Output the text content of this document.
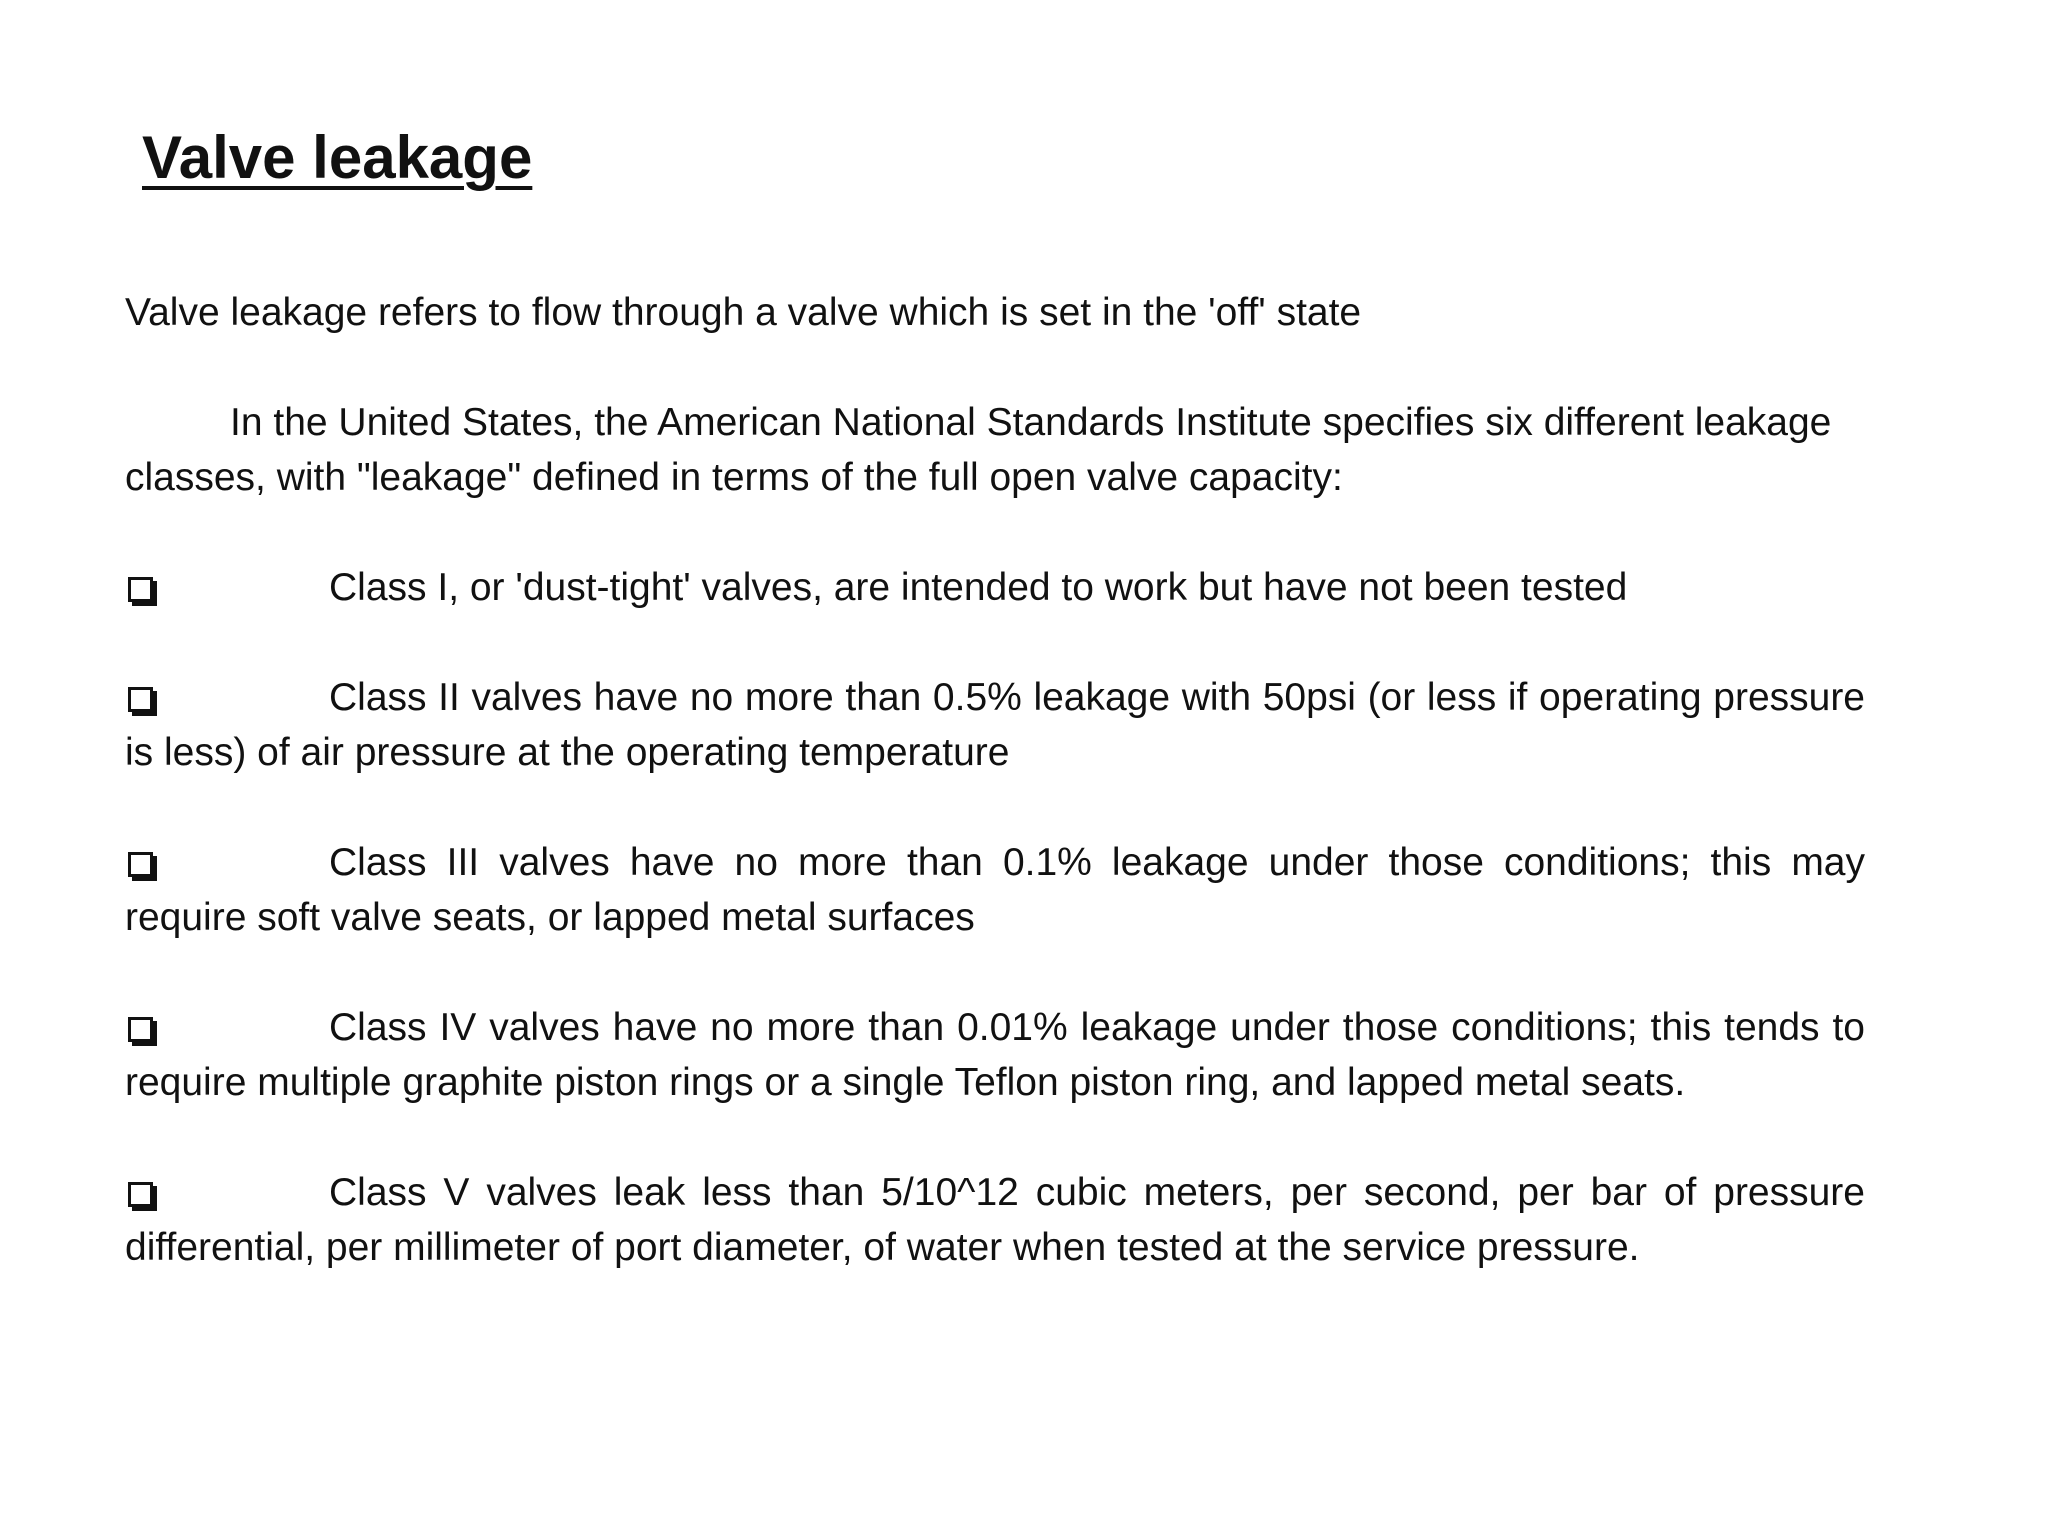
Valve leakage

Valve leakage refers to flow through a valve which is set in the 'off' state

In the United States, the American National Standards Institute specifies six different leakage classes, with "leakage" defined in terms of the full open valve capacity:

Class I, or 'dust-tight' valves, are intended to work but have not been tested

Class II valves have no more than 0.5% leakage with 50psi (or less if operating pressure is less) of air pressure at the operating temperature

Class III valves have no more than 0.1% leakage under those conditions; this may require soft valve seats, or lapped metal surfaces

Class IV valves have no more than 0.01% leakage under those conditions; this tends to require multiple graphite piston rings or a single Teflon piston ring, and lapped metal seats.

Class V valves leak less than 5/10^12 cubic meters, per second, per bar of pressure differential, per millimeter of port diameter, of water when tested at the service pressure.
